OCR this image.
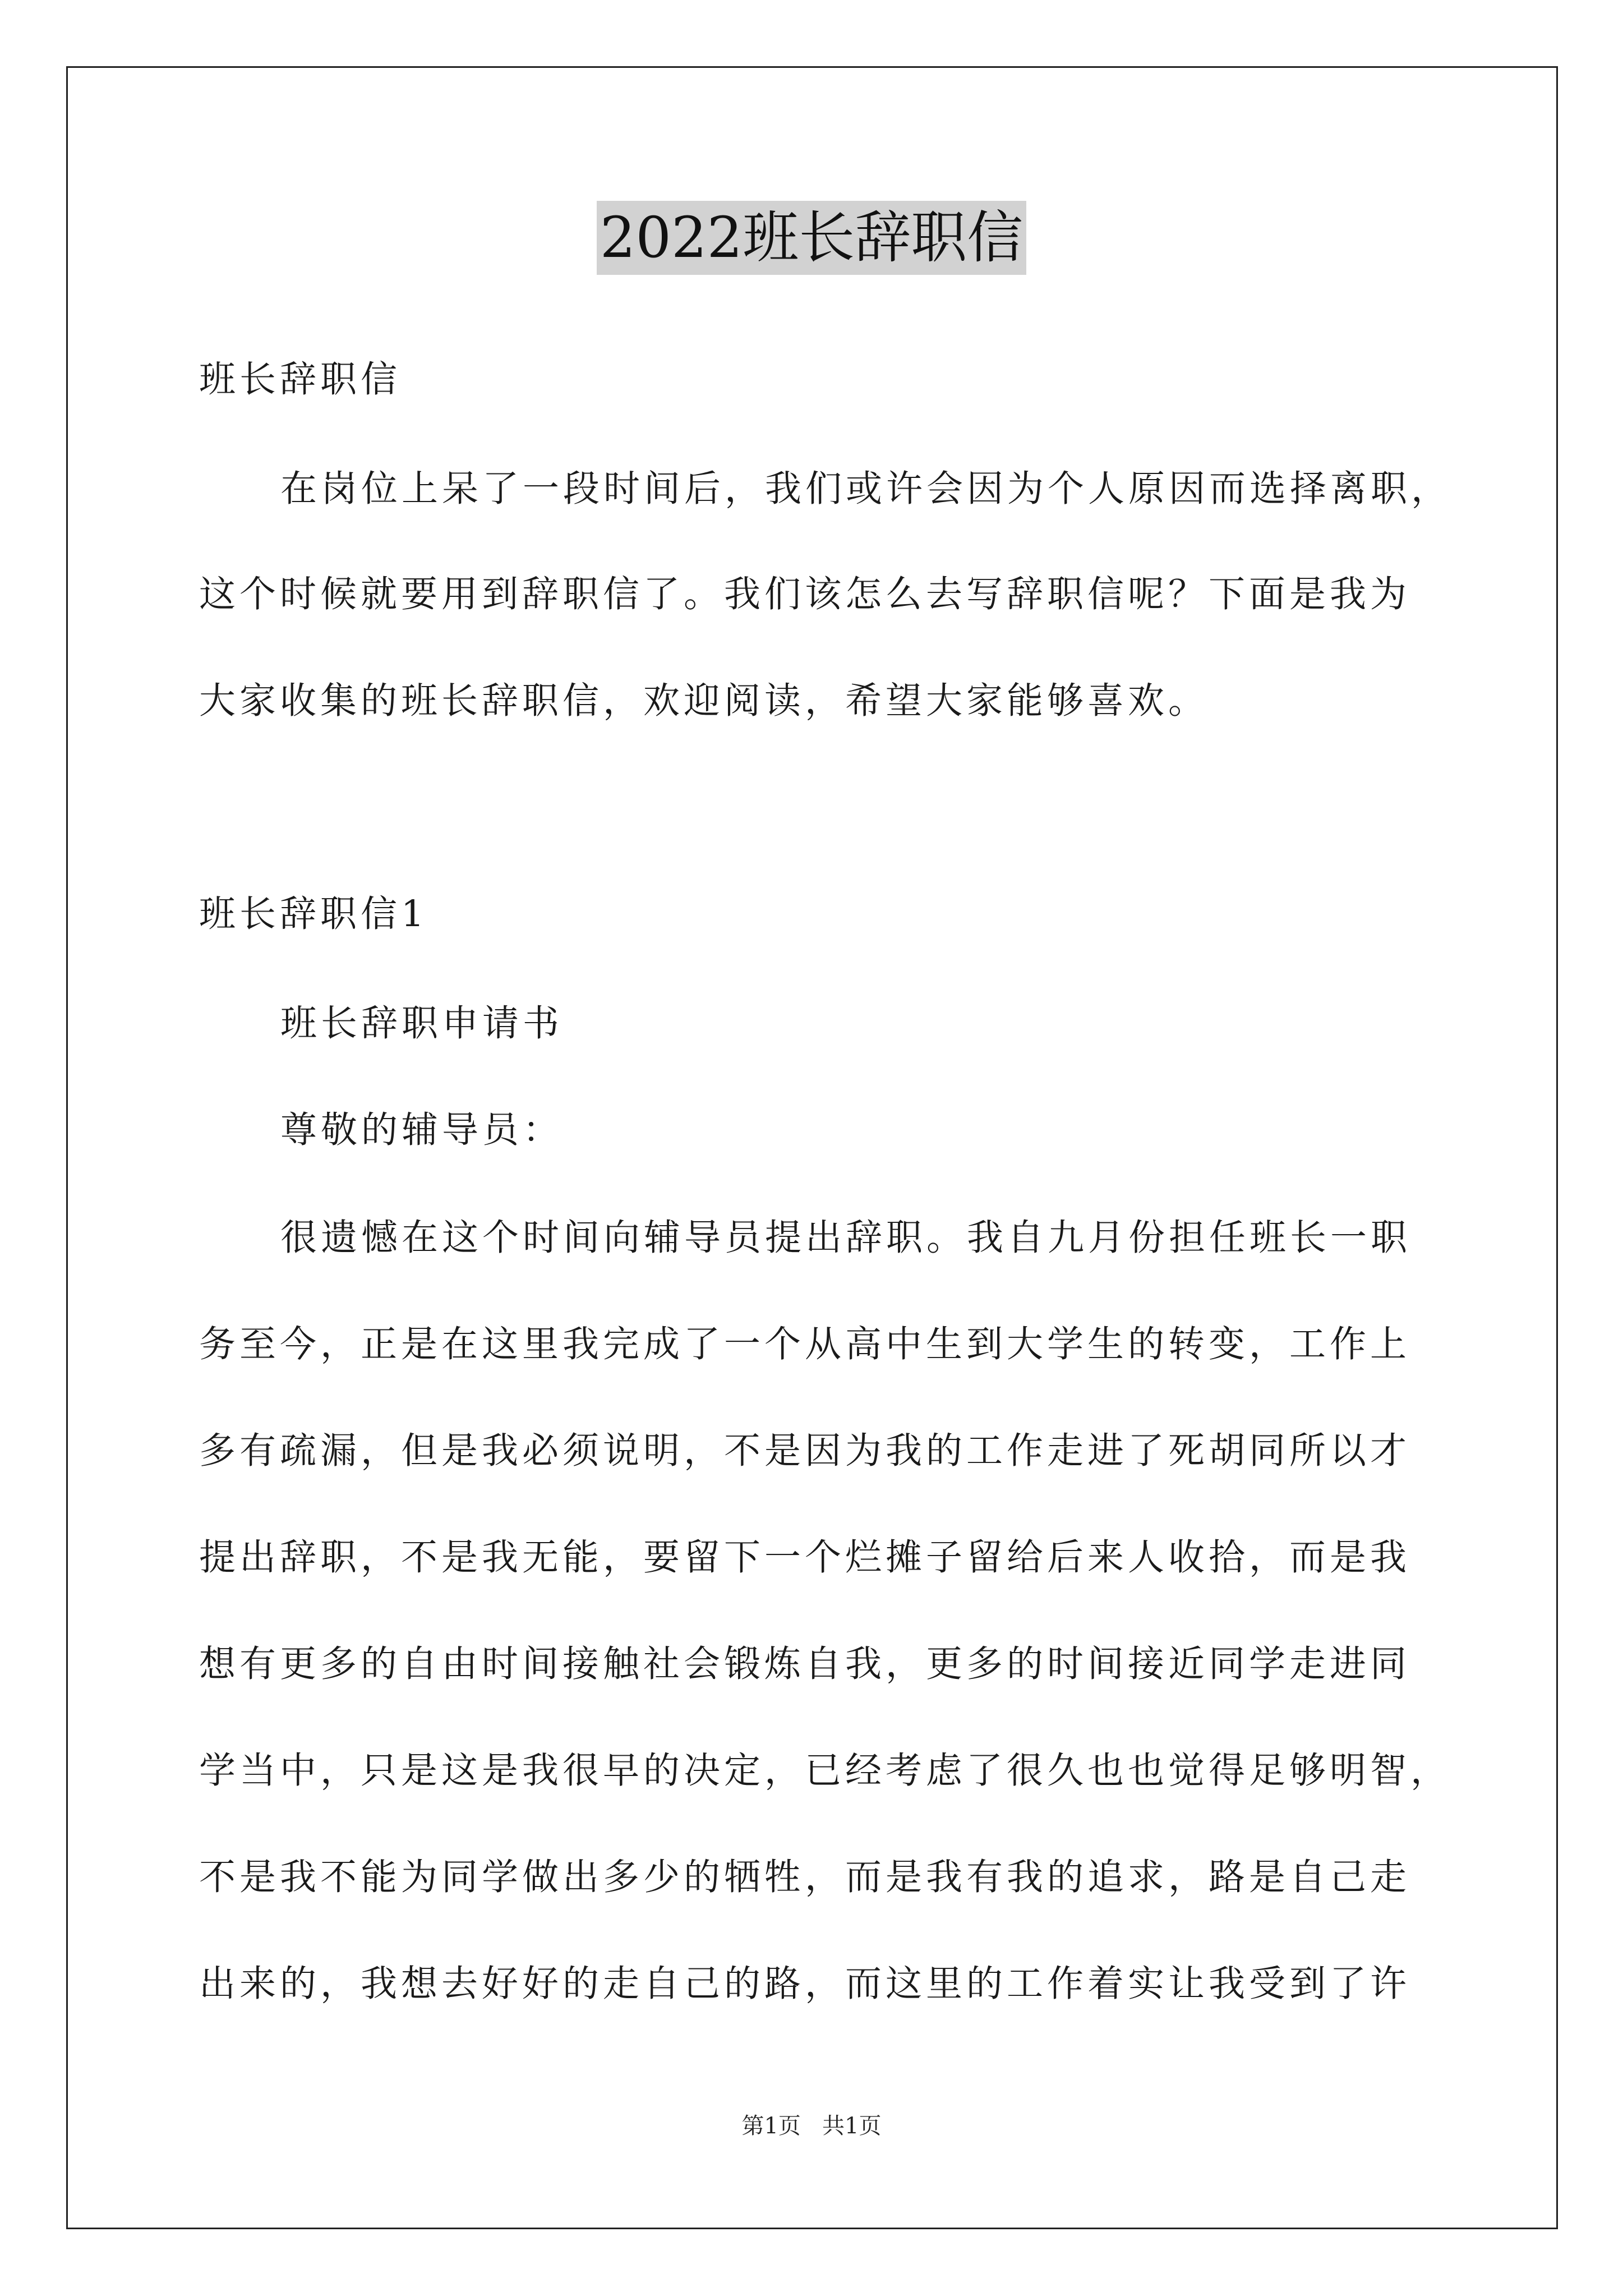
2022班长辞职信
班长辞职信
在岗位上呆了一段时间后，我们或许会因为个人原因而选择离职，
这个时候就要用到辞职信了。我们该怎么去写辞职信呢？下面是我为
大家收集的班长辞职信，欢迎阅读，希望大家能够喜欢。
班长辞职信1
班长辞职申请书
尊敬的辅导员：
很遗憾在这个时间向辅导员提出辞职。我自九月份担任班长一职
务至今，正是在这里我完成了一个从高中生到大学生的转变，工作上
多有疏漏，但是我必须说明，不是因为我的工作走进了死胡同所以才
提出辞职，不是我无能，要留下一个烂摊子留给后来人收拾，而是我
想有更多的自由时间接触社会锻炼自我，更多的时间接近同学走进同
学当中，只是这是我很早的决定，已经考虑了很久也也觉得足够明智，
不是我不能为同学做出多少的牺牲，而是我有我的追求，路是自己走
出来的，我想去好好的走自己的路，而这里的工作着实让我受到了许
第1页   共1页
